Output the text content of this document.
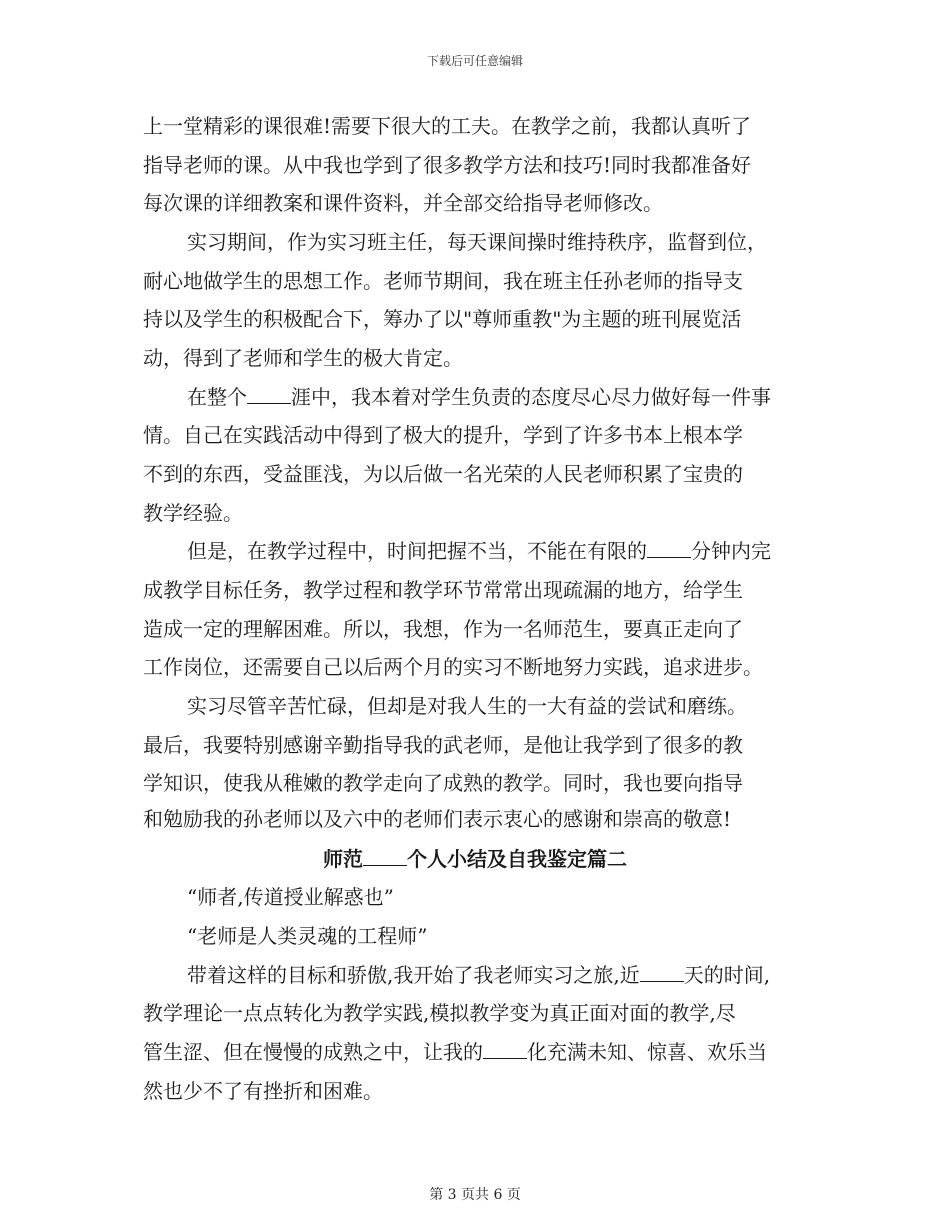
下载后可任意编辑
上一堂精彩的课很难!需要下很大的工夫。在教学之前，我都认真听了
指导老师的课。从中我也学到了很多教学方法和技巧!同时我都准备好
每次课的详细教案和课件资料，并全部交给指导老师修改。
实习期间，作为实习班主任，每天课间操时维持秩序，监督到位，
耐心地做学生的思想工作。老师节期间，我在班主任孙老师的指导支
持以及学生的积极配合下，筹办了以"尊师重教"为主题的班刊展览活
动，得到了老师和学生的极大肯定。
在整个 涯中，我本着对学生负责的态度尽心尽力做好每一件事
情。自己在实践活动中得到了极大的提升，学到了许多书本上根本学
不到的东西，受益匪浅，为以后做一名光荣的人民老师积累了宝贵的
教学经验。
但是，在教学过程中，时间把握不当，不能在有限的 分钟内完
成教学目标任务，教学过程和教学环节常常出现疏漏的地方，给学生
造成一定的理解困难。所以，我想，作为一名师范生，要真正走向了
工作岗位，还需要自己以后两个月的实习不断地努力实践，追求进步。
实习尽管辛苦忙碌，但却是对我人生的一大有益的尝试和磨练。
最后，我要特别感谢辛勤指导我的武老师，是他让我学到了很多的教
学知识，使我从稚嫩的教学走向了成熟的教学。同时，我也要向指导
和勉励我的孙老师以及六中的老师们表示衷心的感谢和崇高的敬意!
师范 个人小结及自我鉴定篇二
“师者,传道授业解惑也”
“老师是人类灵魂的工程师”
带着这样的目标和骄傲,我开始了我老师实习之旅,近 天的时间,
教学理论一点点转化为教学实践,模拟教学变为真正面对面的教学,尽
管生涩、但在慢慢的成熟之中，让我的 化充满未知、惊喜、欢乐当
然也少不了有挫折和困难。
第 3 页共 6 页
